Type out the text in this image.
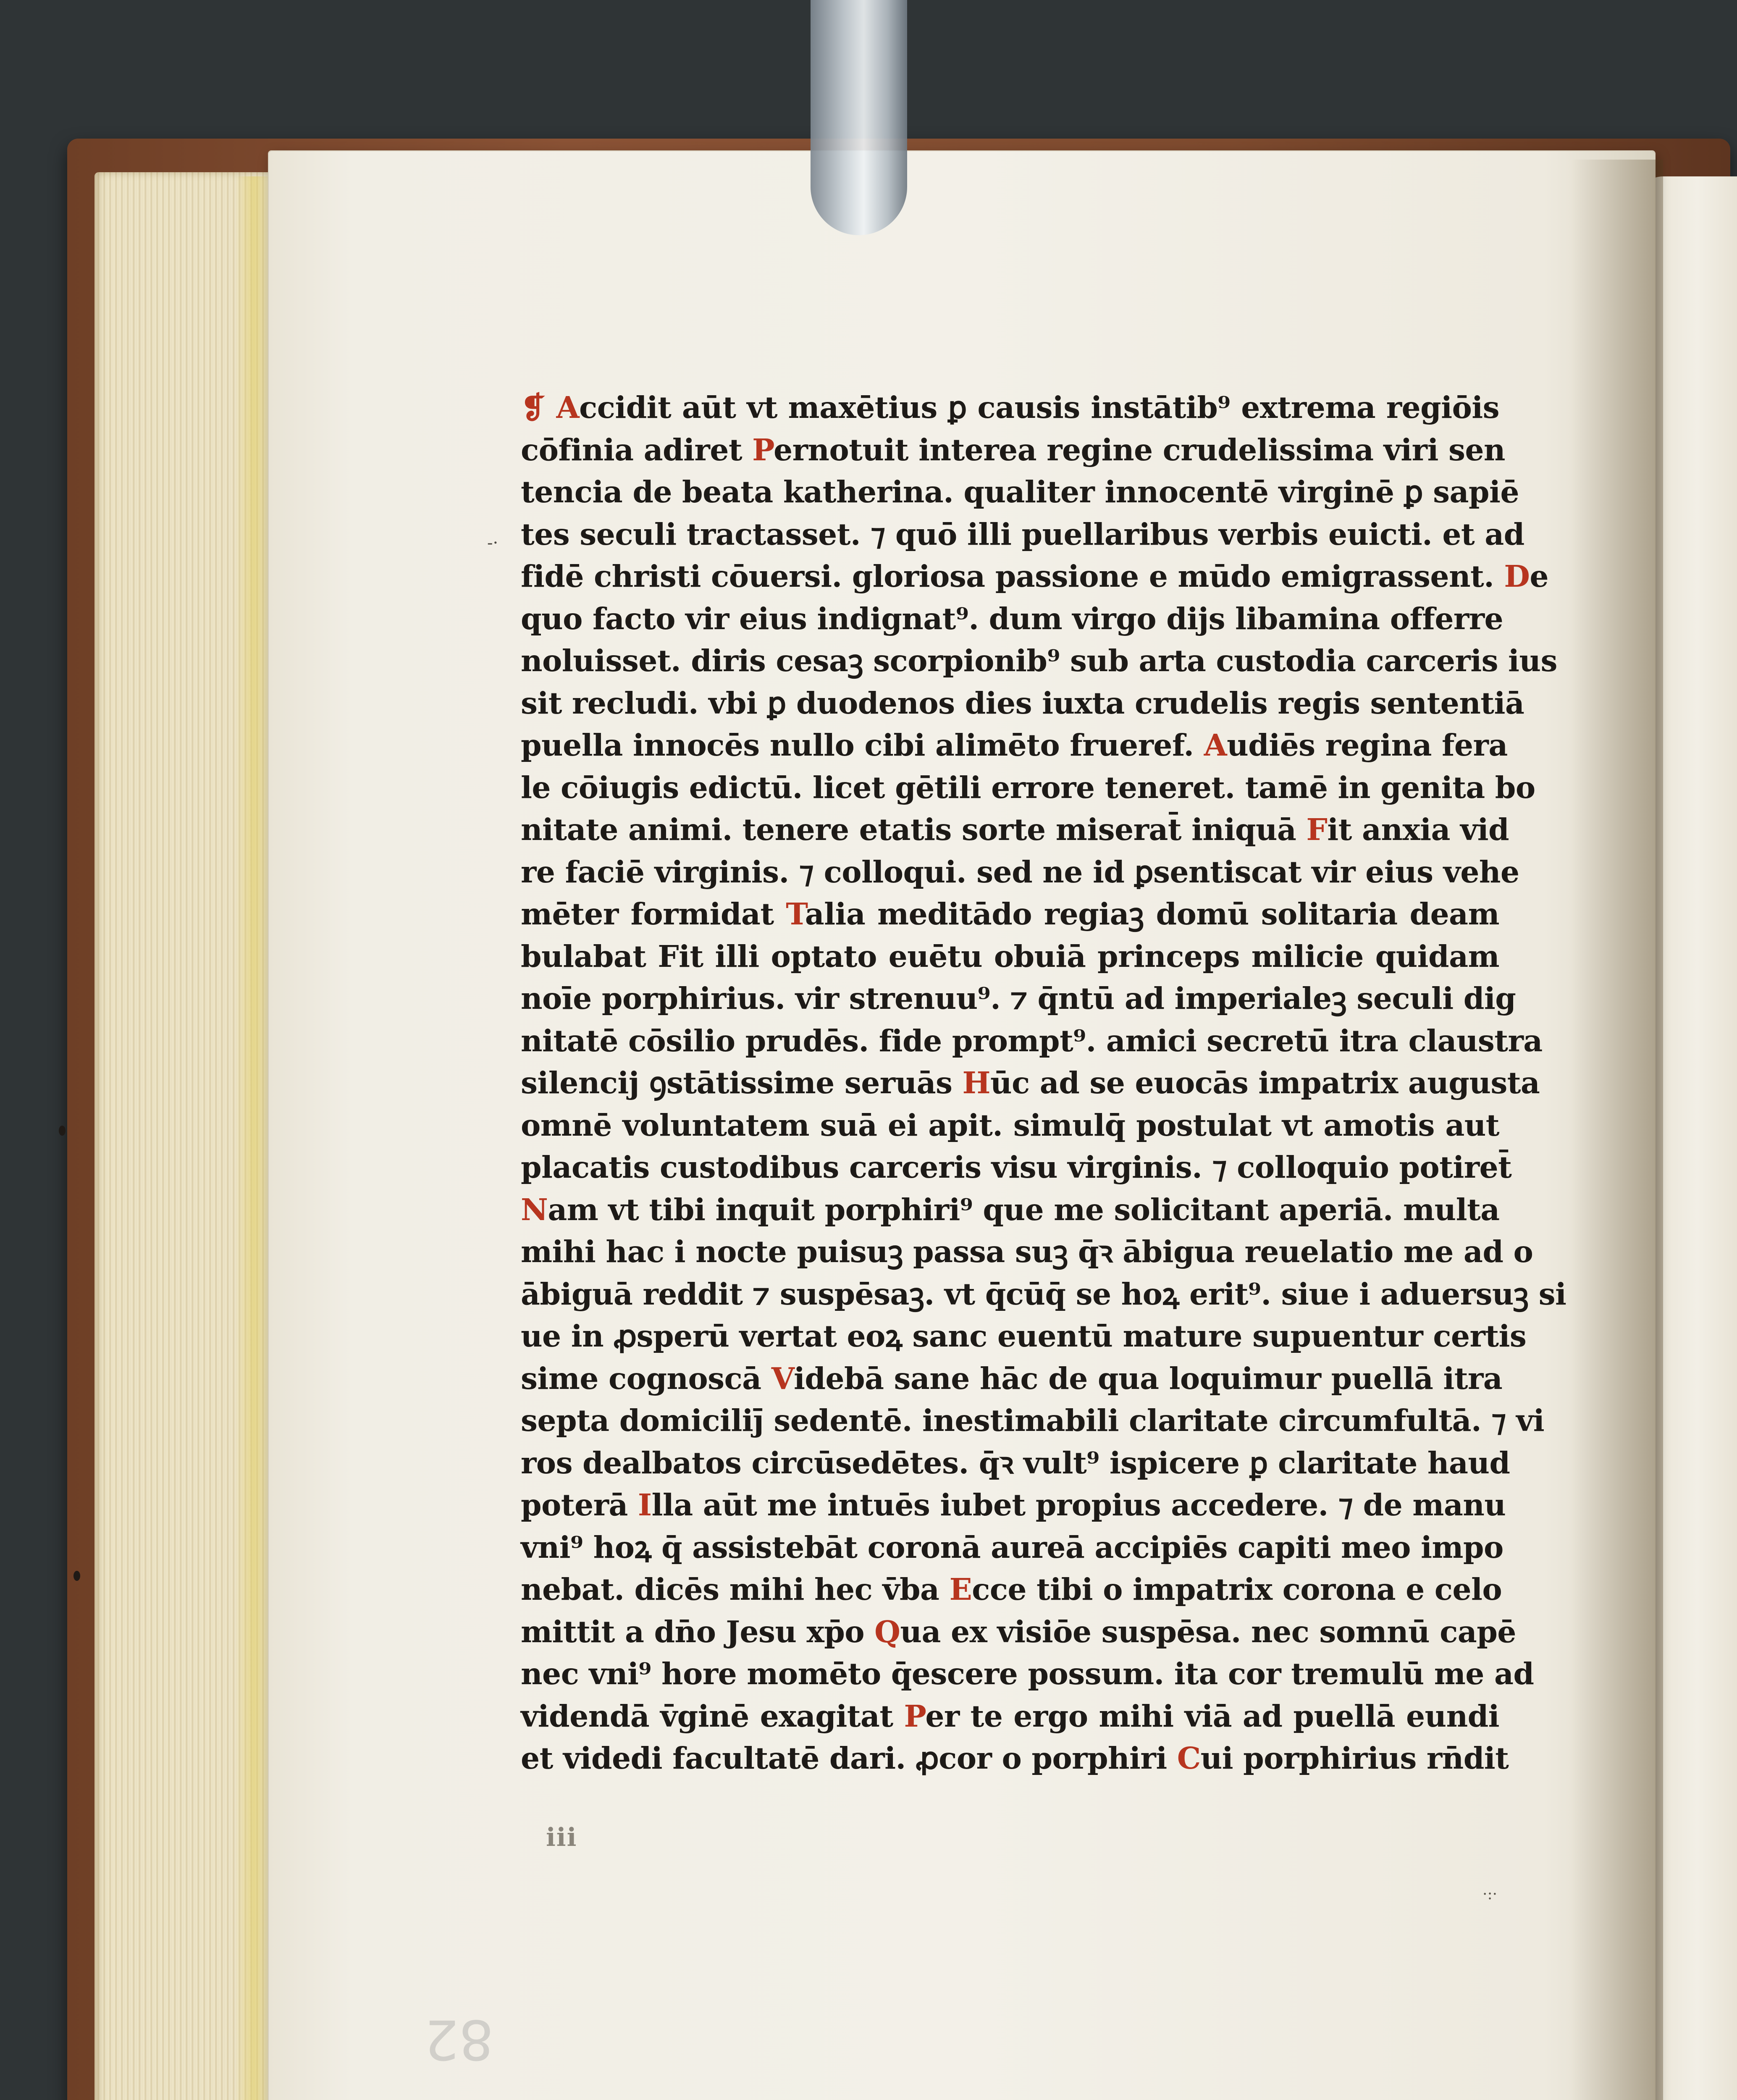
-·
❡ Accidit aūt vt maxētius ꝑ causis instātib⁹ extrema regiōis
cōfinia adiret Pernotuit interea regine crudelissima viri sen
tencia de beata katherina. qualiter innocentē virginē ꝑ sapiē
tes seculi tractasset. ⁊ quō illi puellaribus verbis euicti. et ad
fidē christi cōuersi. gloriosa passione e mūdo emigrassent. De
quo facto vir eius indignat⁹. dum virgo dijs libamina offerre
noluisset. diris cesaꝫ scorpionib⁹ sub arta custodia carceris ius
sit recludi. vbi ꝑ duodenos dies iuxta crudelis regis sententiā
puella innocēs nullo cibi alimēto frueref. Audiēs regina fera
le cōiugis edictū. licet gētili errore teneret. tamē in genita bo
nitate animi. tenere etatis sorte miserat̄ iniquā Fit anxia vid
re faciē virginis. ⁊ colloqui. sed ne id ꝑsentiscat vir eius vehe
mēter formidat Talia meditādo regiaꝫ domū solitaria deam
bulabat Fit illi optato euētu obuiā princeps milicie quidam
noīe porphirius. vir strenuu⁹. ⁊ q̄ntū ad imperialeꝫ seculi dig
nitatē cōsilio prudēs. fide prompt⁹. amici secretū itra claustra
silencij ꝯstātissime seruās Hūc ad se euocās impatrix augusta
omnē voluntatem suā ei apit. simulq̄ postulat vt amotis aut
placatis custodibus carceris visu virginis. ⁊ colloquio potiret̄
Nam vt tibi inquit porphiri⁹ que me solicitant aperiā. multa
mihi hac i nocte puisuꝫ passa suꝫ q̄ꝛ ābigua reuelatio me ad o
ābiguā reddit ⁊ suspēsaꝫ. vt q̄cūq̄ se hoꝝ erit⁹. siue i aduersuꝫ si
ue in ꝓsperū vertat eoꝝ sanc euentū mature supuentur certis
sime cognoscā Videbā sane hāc de qua loquimur puellā itra
septa domiciliȷ̄ sedentē. inestimabili claritate circumfultā. ⁊ vi
ros dealbatos circūsedētes. q̄ꝛ vult⁹ ispicere ꝑ claritate haud
poterā Illa aūt me intuēs iubet propius accedere. ⁊ de manu
vni⁹ hoꝝ q̄ assistebāt coronā aureā accipiēs capiti meo impo
nebat. dicēs mihi hec v̄ba Ecce tibi o impatrix corona e celo
mittit a dn̄o Jesu xp̄o Qua ex visiōe suspēsa. nec somnū capē
nec vni⁹ hore momēto q̄escere possum. ita cor tremulū me ad
videndā v̄ginē exagitat Per te ergo mihi viā ad puellā eundi
et videdi facultatē dari. ꝓcor o porphiri Cui porphirius rn̄dit
iii
·:·
82
